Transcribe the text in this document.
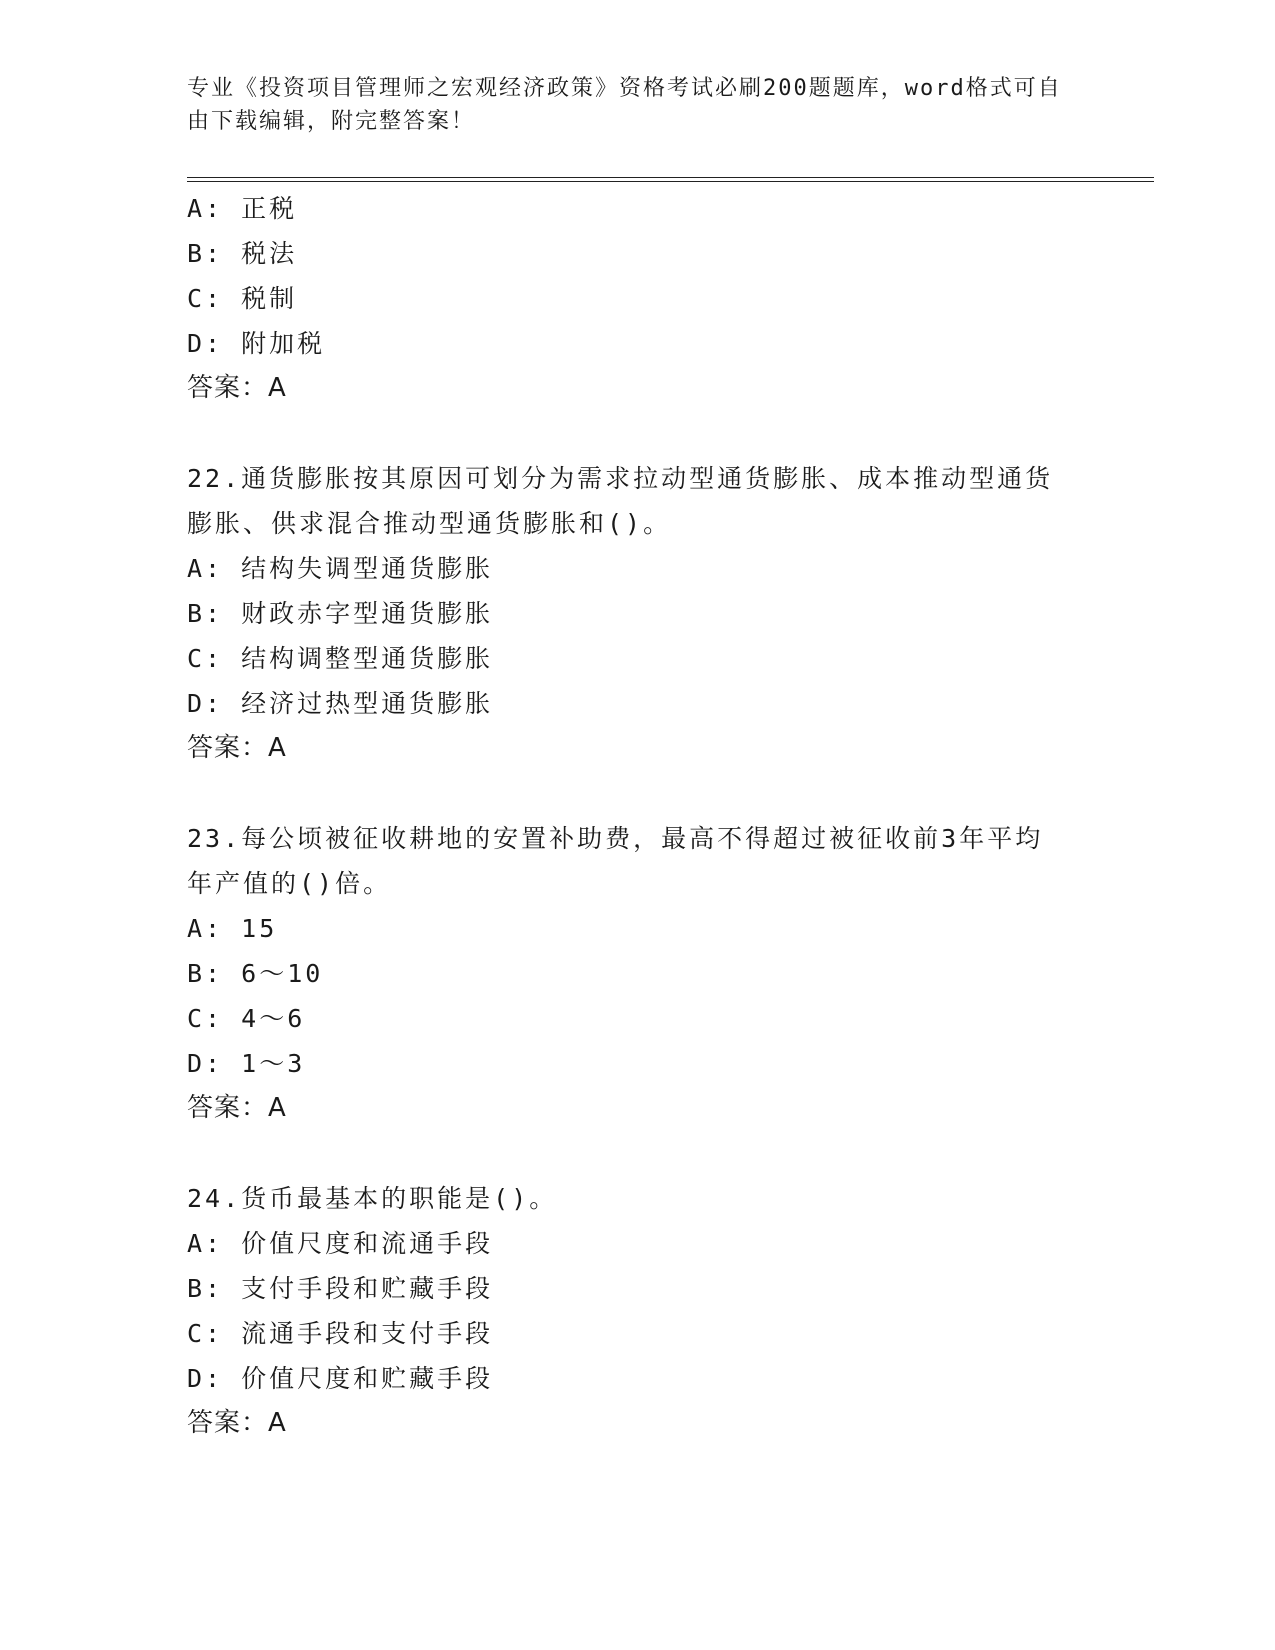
专业《投资项目管理师之宏观经济政策》资格考试必刷200题题库，word格式可自由下载编辑，附完整答案！
A: 正税
B: 税法
C: 税制
D: 附加税
答案：A
22.通货膨胀按其原因可划分为需求拉动型通货膨胀、成本推动型通货膨胀、供求混合推动型通货膨胀和()。
A: 结构失调型通货膨胀
B: 财政赤字型通货膨胀
C: 结构调整型通货膨胀
D: 经济过热型通货膨胀
答案：A
23.每公顷被征收耕地的安置补助费，最高不得超过被征收前3年平均年产值的()倍。
A: 15
B: 6～10
C: 4～6
D: 1～3
答案：A
24.货币最基本的职能是()。
A: 价值尺度和流通手段
B: 支付手段和贮藏手段
C: 流通手段和支付手段
D: 价值尺度和贮藏手段
答案：A
